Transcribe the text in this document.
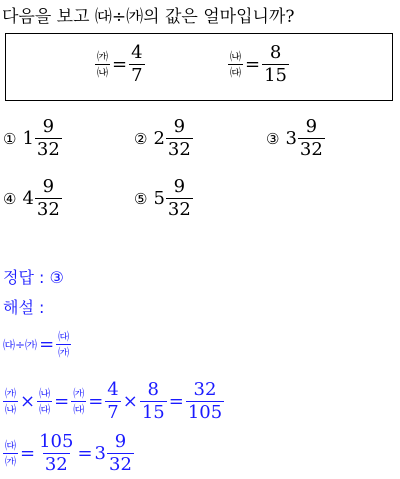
다음을 보고 ㈐÷㈎의 값은 얼마입니까?
$\frac{㈎}{㈏} = \frac{4}{7}$	$\frac{㈏}{㈐} = \frac{8}{15}$
① $1 \frac{9}{32}$	② $2 \frac{9}{32}$	③ $3 \frac{9}{32}$
④ $4 \frac{9}{32}$	⑤ $5 \frac{9}{32}$
정답 : ③
해설 :
㈐÷㈎ = $\frac{㈐}{㈎}$
$\frac{㈎}{㈏} \times \frac{㈏}{㈐} = \frac{㈎}{㈐} = \frac{4}{7} \times \frac{8}{15} = \frac{32}{105}$
$\frac{㈐}{㈎} = \frac{105}{32} = 3 \frac{9}{32}$
